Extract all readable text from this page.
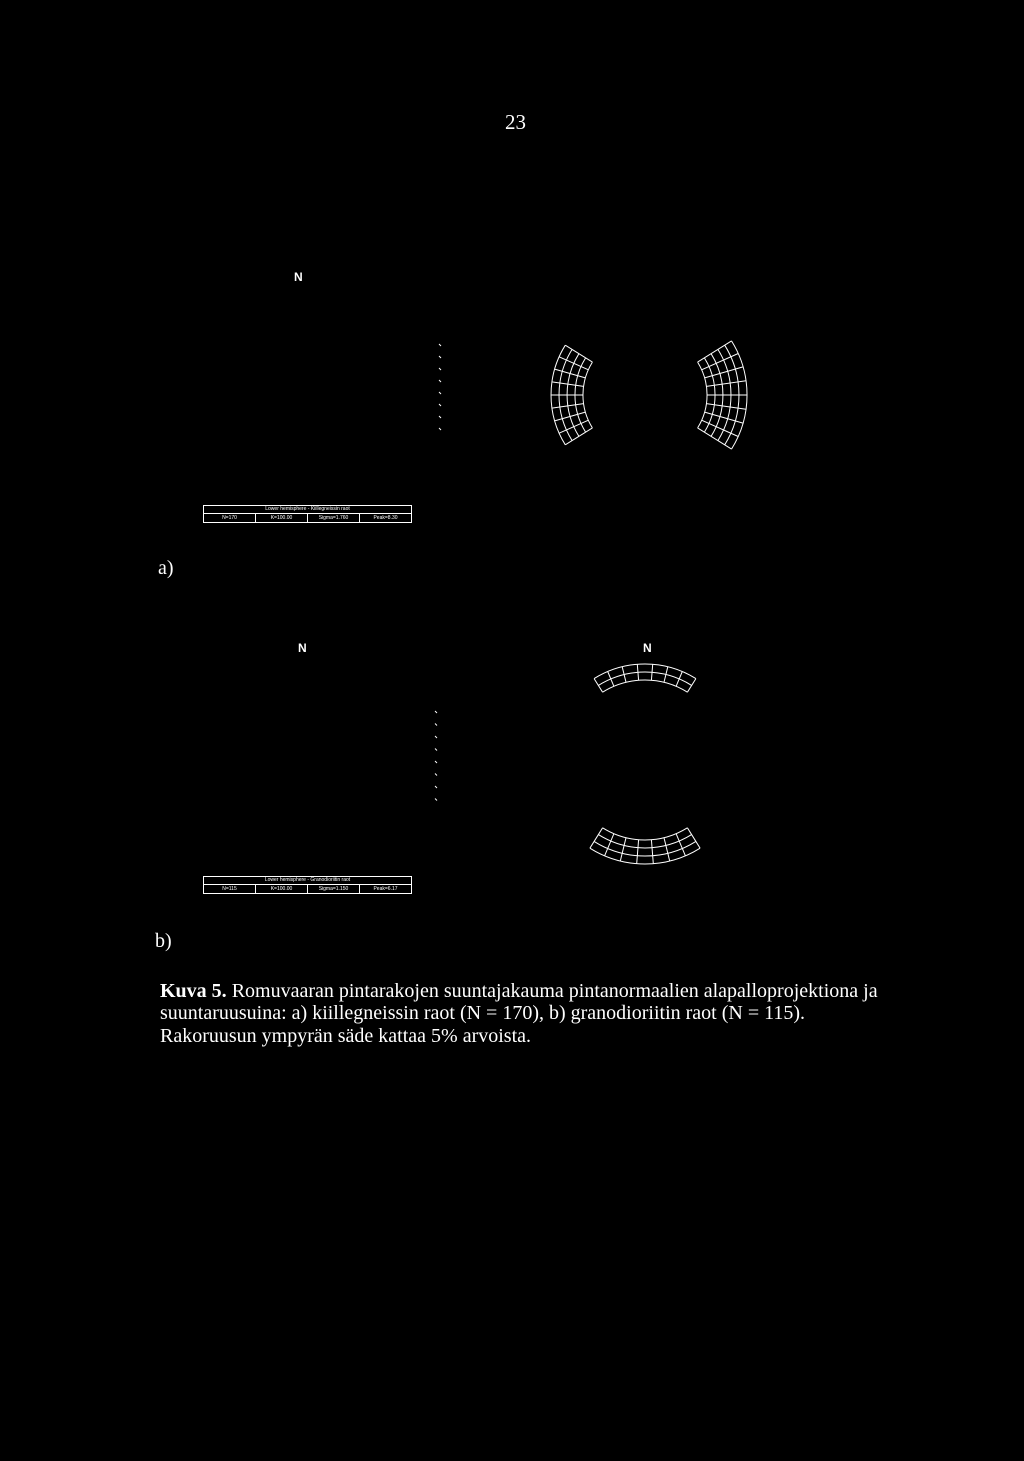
23
N
Lower hemisphere - Kiillegneissin raot
N=170	K=100.00	Sigma=1.760	Peak=8.30
a)
N	N
Lower hemisphere - Granodioriitin raot
N=115	K=100.00	Sigma=1.150	Peak=6.17
b)
Kuva 5. Romuvaaran pintarakojen suuntajakauma pintanormaalien alapalloprojektiona ja suuntaruusuina: a) kiillegneissin raot (N = 170), b) granodioriitin raot (N = 115). Rakoruusun ympyrän säde kattaa 5% arvoista.
